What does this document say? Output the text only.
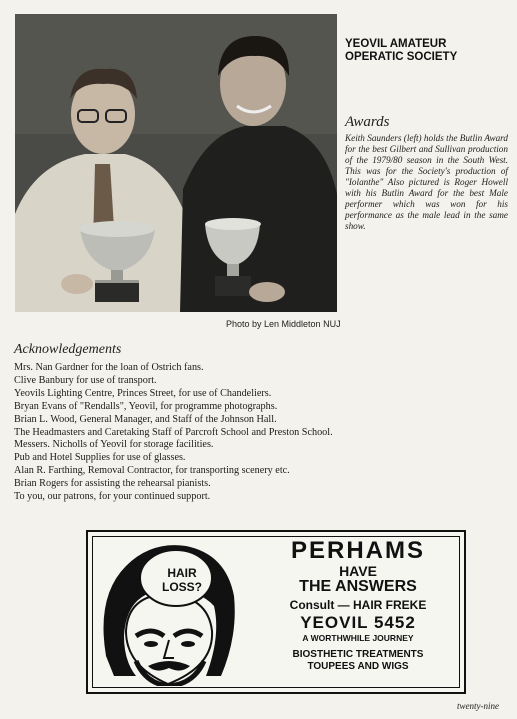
Photo by Len Middleton NUJ
YEOVIL AMATEUR OPERATIC SOCIETY
Awards
Keith Saunders (left) holds the Butlin Award for the best Gilbert and Sullivan production of the 1979/80 season in the South West. This was for the Society's production of "Iolanthe" Also pictured is Roger Howell with his Butlin Award for the best Male performer which was won for his performance as the male lead in the same show.
Acknowledgements
Mrs. Nan Gardner for the loan of Ostrich fans.
Clive Banbury for use of transport.
Yeovils Lighting Centre, Princes Street, for use of Chandeliers.
Bryan Evans of "Rendalls", Yeovil, for programme photographs.
Brian L. Wood, General Manager, and Staff of the Johnson Hall.
The Headmasters and Caretaking Staff of Parcroft School and Preston School.
Messers. Nicholls of Yeovil for storage facilities.
Pub and Hotel Supplies for use of glasses.
Alan R. Farthing, Removal Contractor, for transporting scenery etc.
Brian Rogers for assisting the rehearsal pianists.
To you, our patrons, for your continued support.
HAIR
LOSS?
PERHAMS
HAVE
THE ANSWERS
Consult — HAIR FREKE
YEOVIL 5452
A WORTHWHILE JOURNEY
BIOSTHETIC TREATMENTS
TOUPEES AND WIGS
twenty-nine
